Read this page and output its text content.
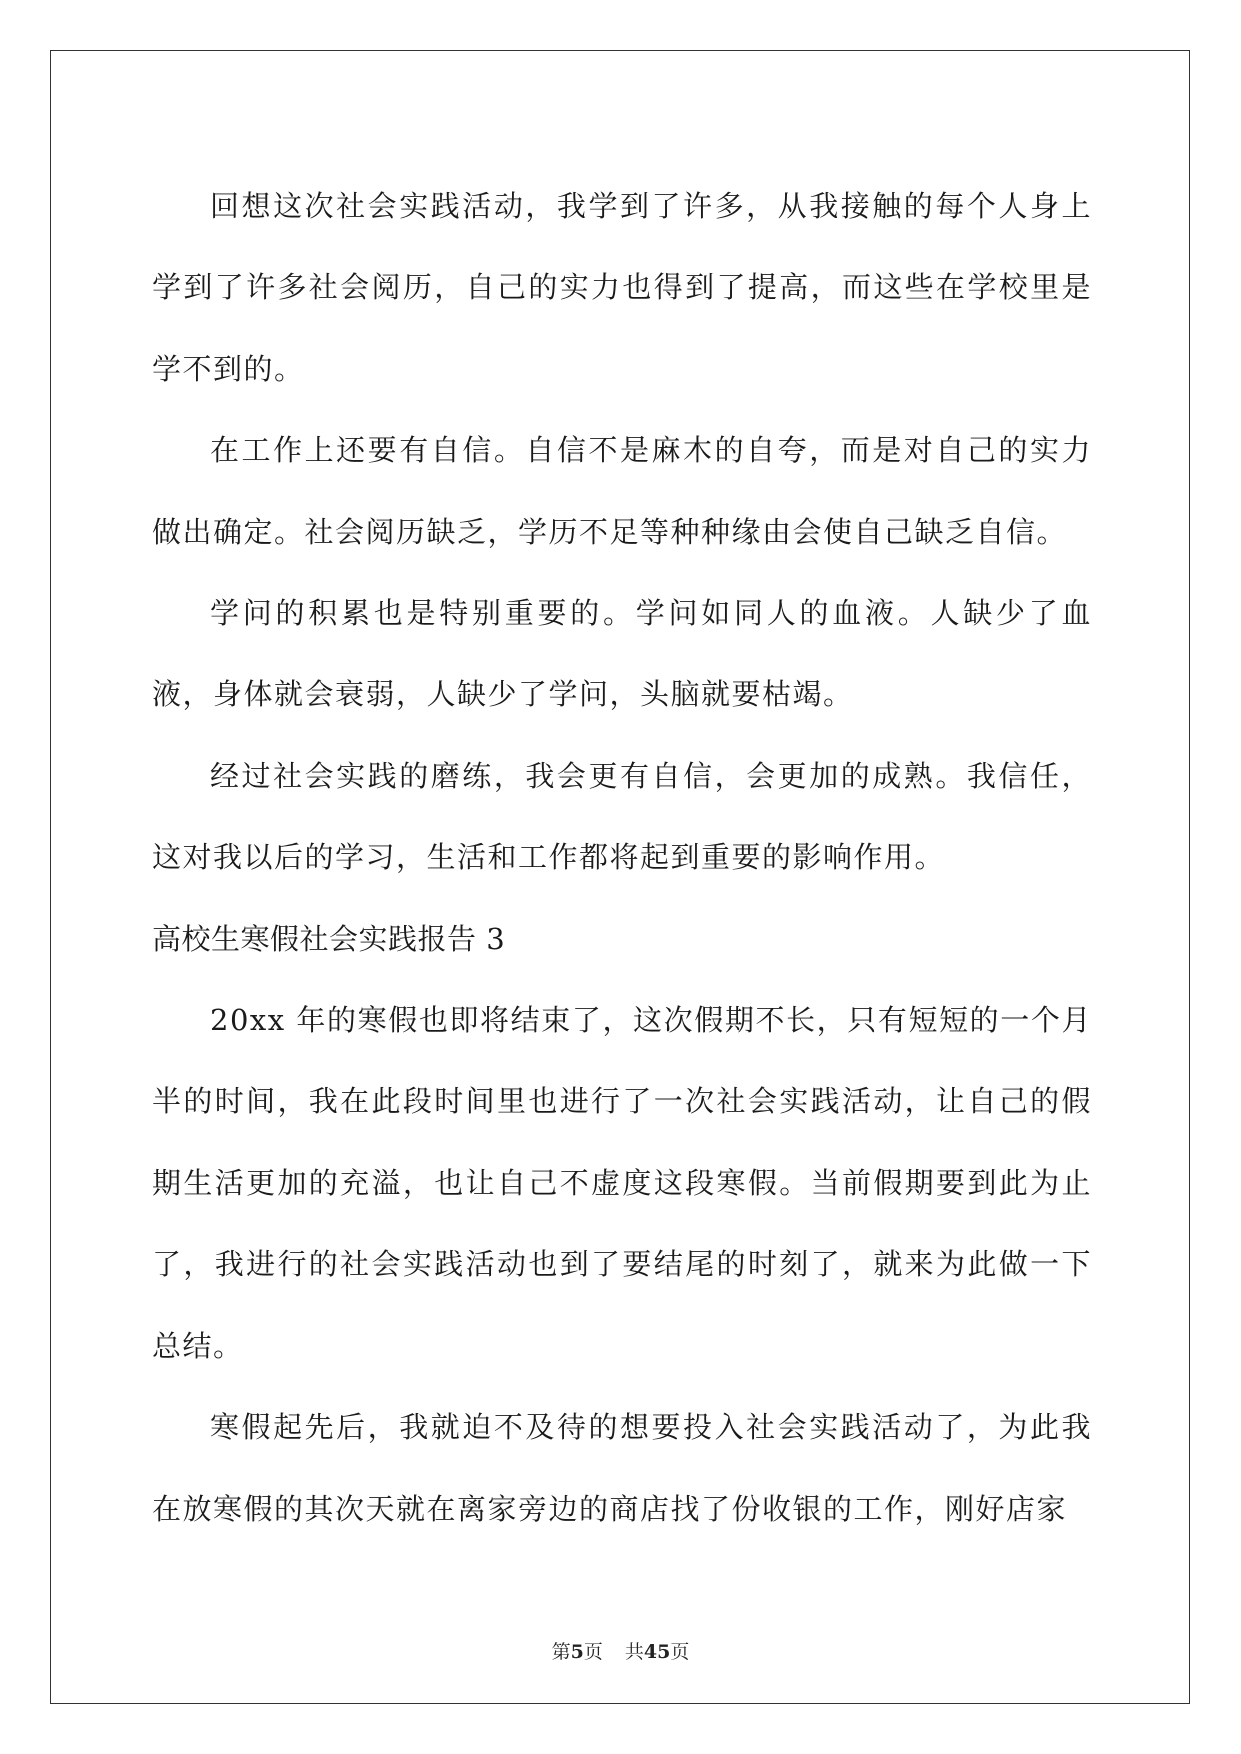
回想这次社会实践活动，我学到了许多，从我接触的每个人身上学到了许多社会阅历，自己的实力也得到了提高，而这些在学校里是学不到的。

在工作上还要有自信。自信不是麻木的自夸，而是对自己的实力做出确定。社会阅历缺乏，学历不足等种种缘由会使自己缺乏自信。

学问的积累也是特别重要的。学问如同人的血液。人缺少了血液，身体就会衰弱，人缺少了学问，头脑就要枯竭。

经过社会实践的磨练，我会更有自信，会更加的成熟。我信任，这对我以后的学习，生活和工作都将起到重要的影响作用。

高校生寒假社会实践报告 3

20xx 年的寒假也即将结束了，这次假期不长，只有短短的一个月半的时间，我在此段时间里也进行了一次社会实践活动，让自己的假期生活更加的充溢，也让自己不虚度这段寒假。当前假期要到此为止了，我进行的社会实践活动也到了要结尾的时刻了，就来为此做一下总结。

寒假起先后，我就迫不及待的想要投入社会实践活动了，为此我在放寒假的其次天就在离家旁边的商店找了份收银的工作，刚好店家

第5页 共45页
